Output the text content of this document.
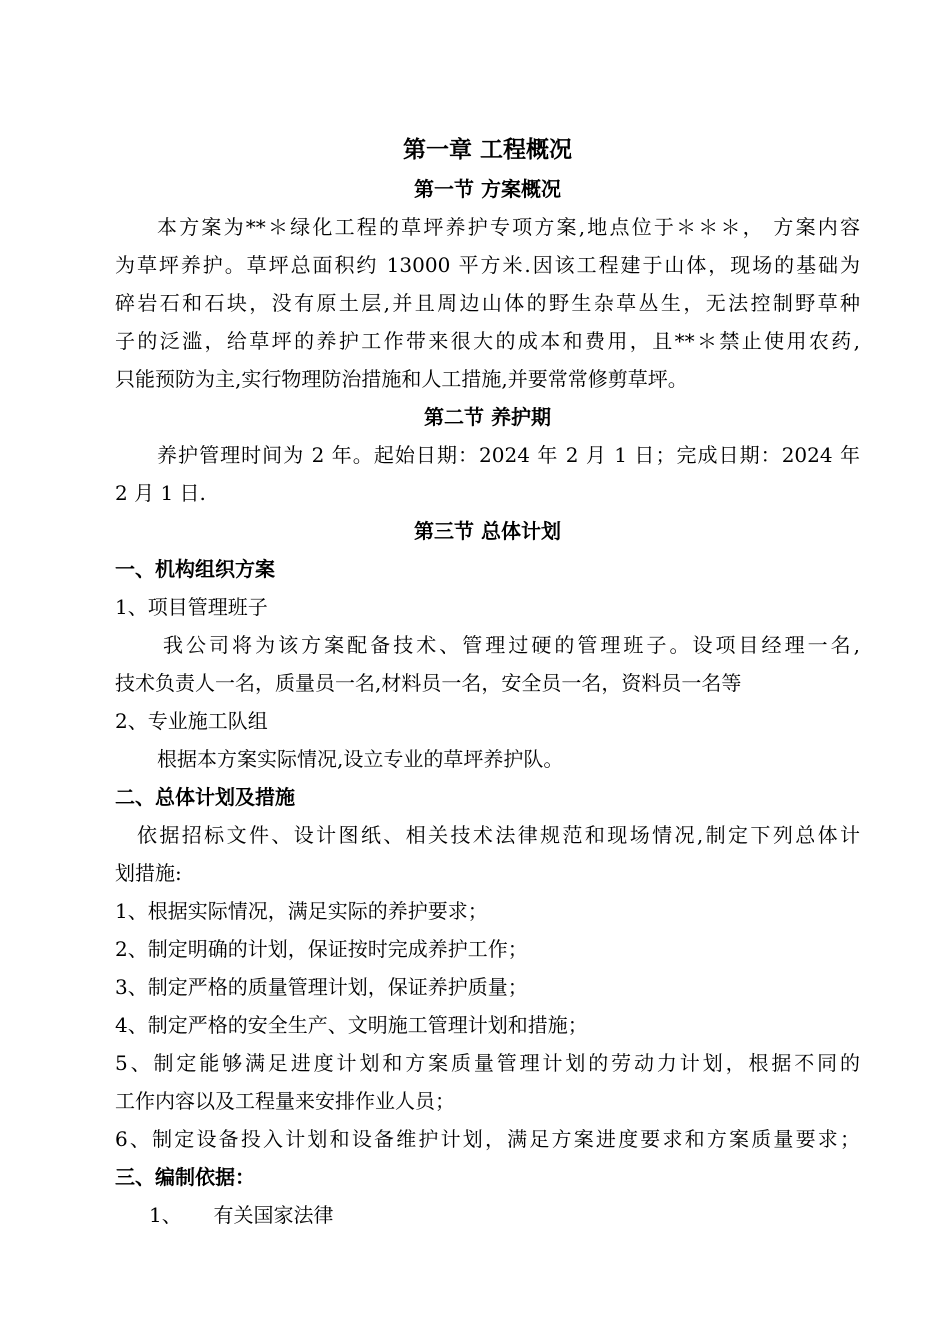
第一章 工程概况
第一节 方案概况
本方案为**＊绿化工程的草坪养护专项方案,地点位于＊＊＊， 方案内容
为草坪养护。草坪总面积约 13000 平方米.因该工程建于山体，现场的基础为
碎岩石和石块，没有原土层,并且周边山体的野生杂草丛生，无法控制野草种
子的泛滥，给草坪的养护工作带来很大的成本和费用，且**＊禁止使用农药,
只能预防为主,实行物理防治措施和人工措施,并要常常修剪草坪。
第二节 养护期
养护管理时间为 2 年。起始日期：2024 年 2 月 1 日；完成日期：2024 年
2 月 1 日.
第三节 总体计划
一、机构组织方案
1、项目管理班子
我公司将为该方案配备技术、管理过硬的管理班子。设项目经理一名,
技术负责人一名，质量员一名,材料员一名，安全员一名，资料员一名等
2、专业施工队组
根据本方案实际情况,设立专业的草坪养护队。
二、总体计划及措施
依据招标文件、设计图纸、相关技术法律规范和现场情况,制定下列总体计
划措施:
1、根据实际情况，满足实际的养护要求；
2、制定明确的计划，保证按时完成养护工作；
3、制定严格的质量管理计划，保证养护质量；
4、制定严格的安全生产、文明施工管理计划和措施；
5、制定能够满足进度计划和方案质量管理计划的劳动力计划，根据不同的
工作内容以及工程量来安排作业人员；
6、制定设备投入计划和设备维护计划，满足方案进度要求和方案质量要求；
三、编制依据：
1、     有关国家法律
